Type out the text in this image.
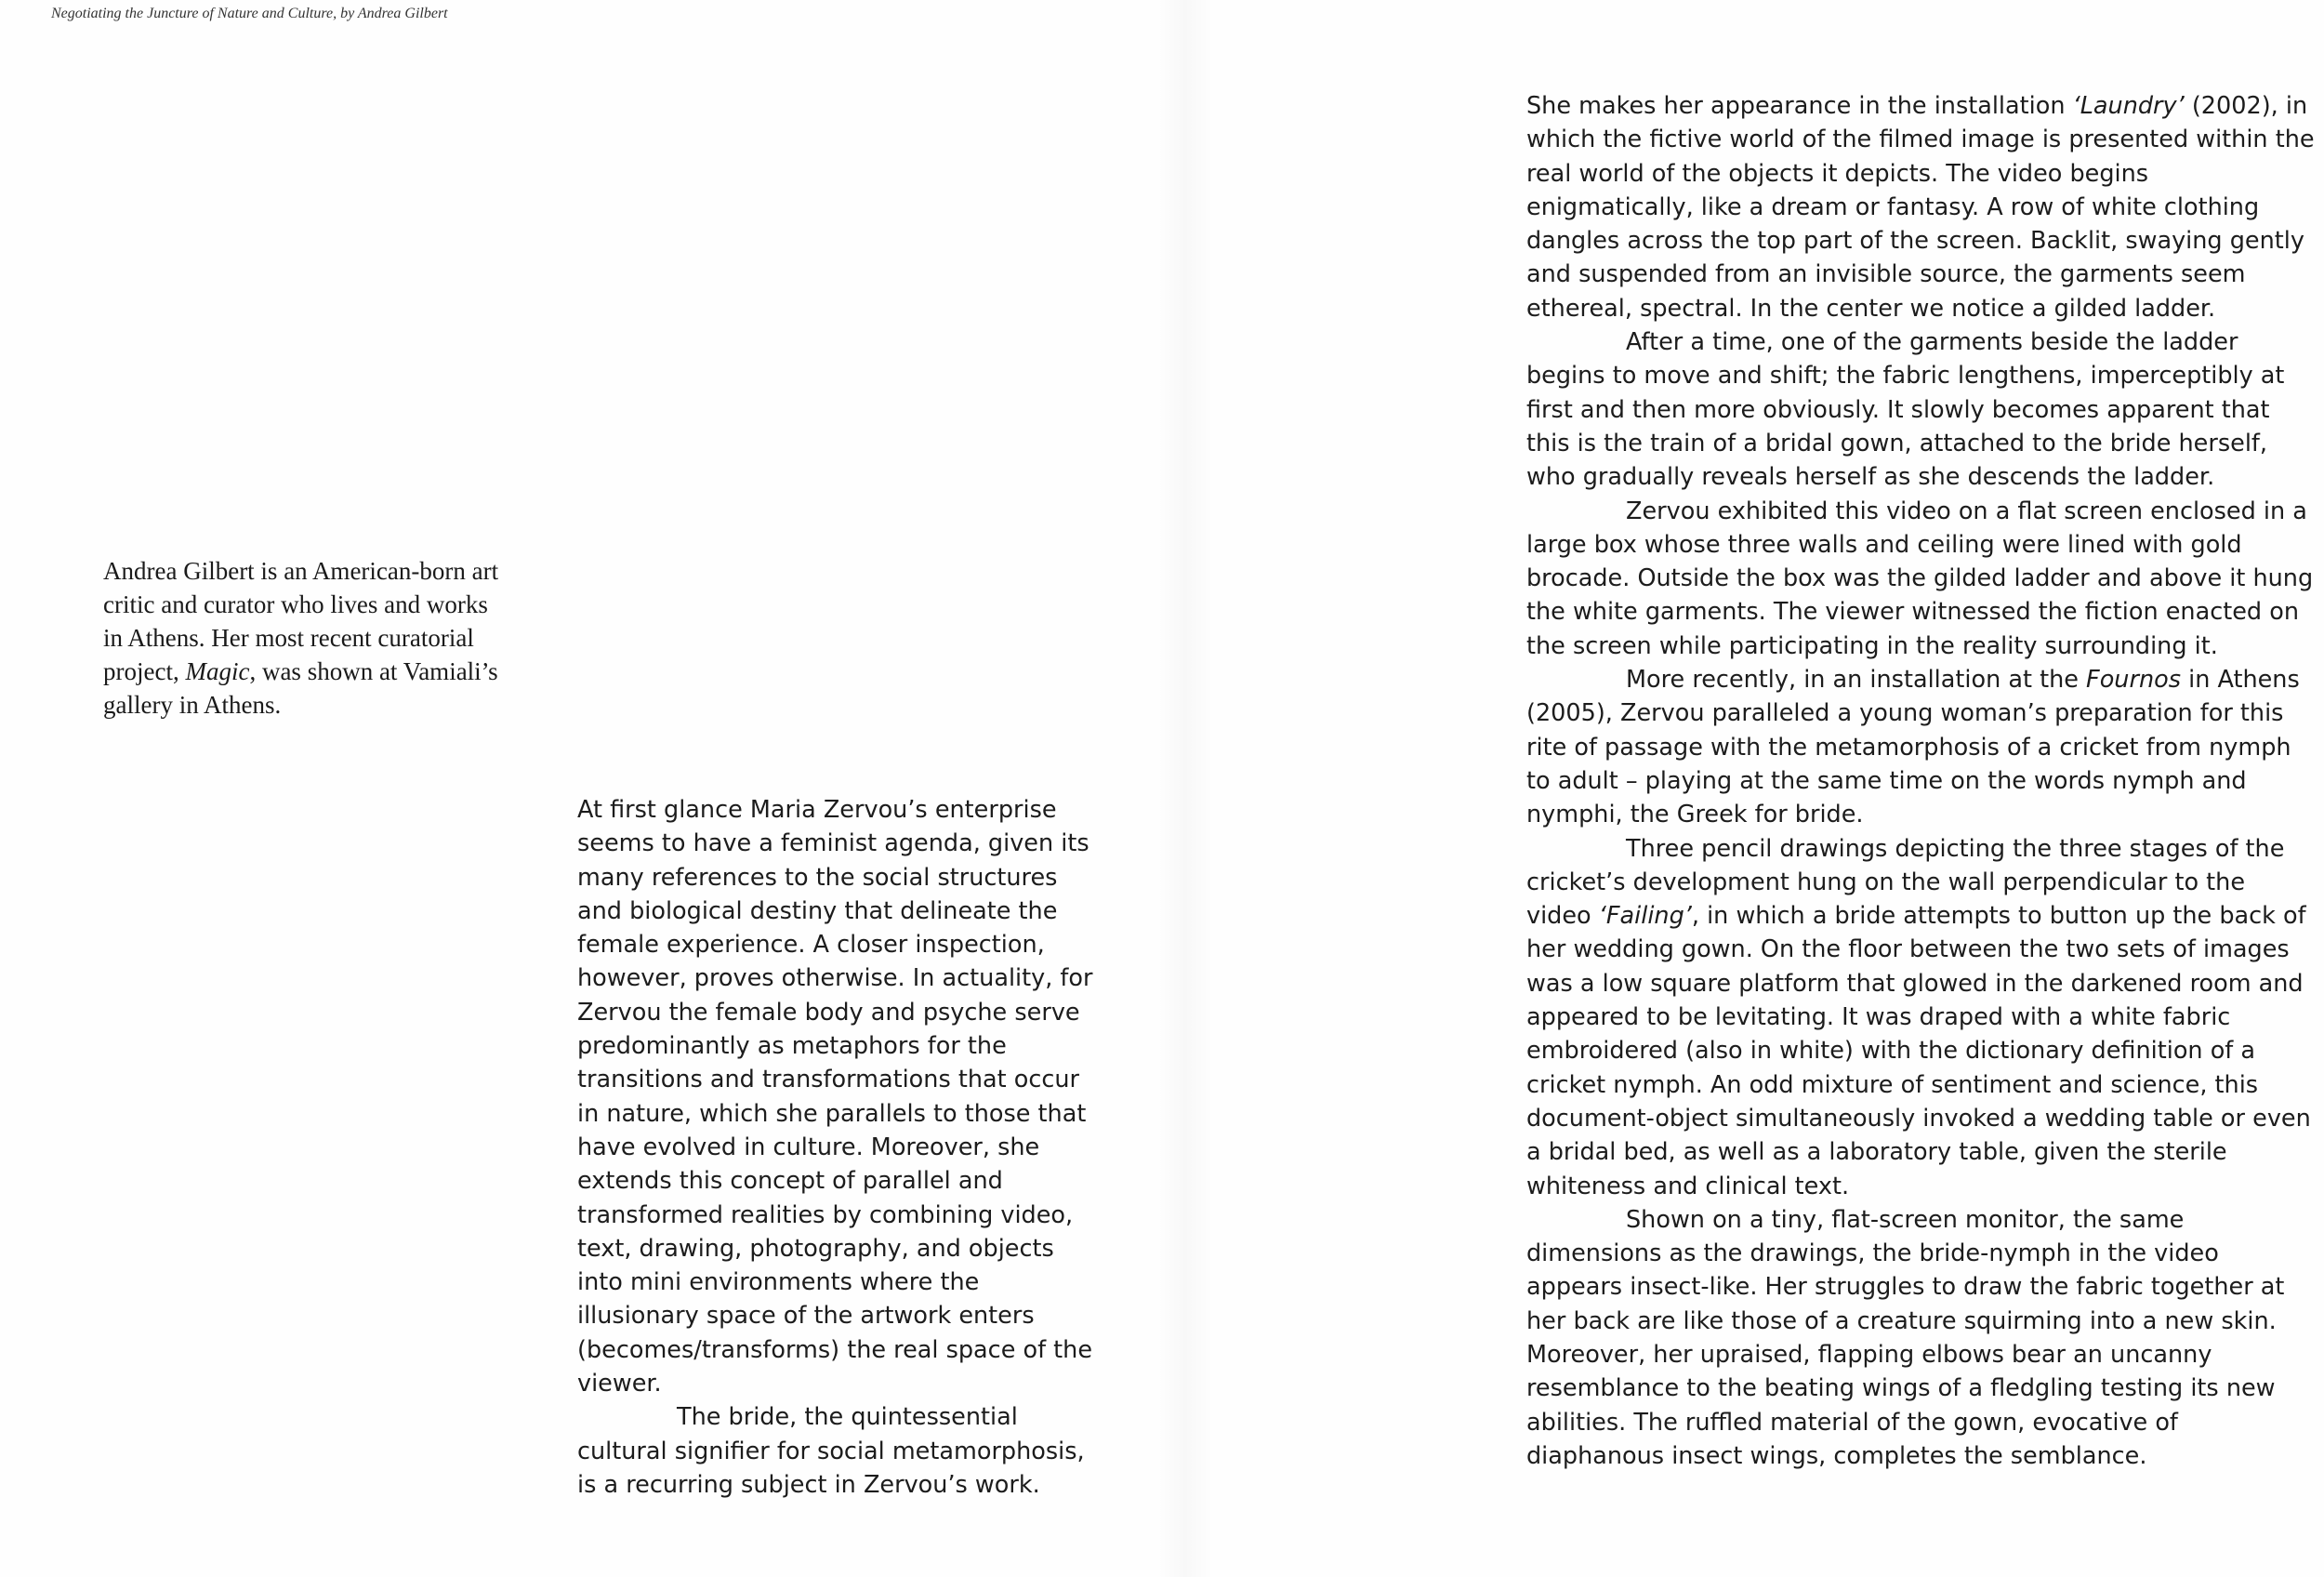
Negotiating the Juncture of Nature and Culture, by Andrea Gilbert

Andrea Gilbert is an American-born art critic and curator who lives and works in Athens. Her most recent curatorial project, Magic, was shown at Vamiali’s gallery in Athens.

At first glance Maria Zervou’s enterprise seems to have a feminist agenda, given its many references to the social structures and biological destiny that delineate the female experience. A closer inspection, however, proves otherwise. In actuality, for Zervou the female body and psyche serve predominantly as metaphors for the transitions and transformations that occur in nature, which she parallels to those that have evolved in culture. Moreover, she extends this concept of parallel and transformed realities by combining video, text, drawing, photography, and objects into mini environments where the illusionary space of the artwork enters (becomes/transforms) the real space of the viewer.

The bride, the quintessential cultural signifier for social metamorphosis, is a recurring subject in Zervou’s work.

She makes her appearance in the installation ‘Laundry’ (2002), in which the fictive world of the filmed image is presented within the real world of the objects it depicts. The video begins enigmatically, like a dream or fantasy. A row of white clothing dangles across the top part of the screen. Backlit, swaying gently and suspended from an invisible source, the garments seem ethereal, spectral. In the center we notice a gilded ladder.

After a time, one of the garments beside the ladder begins to move and shift; the fabric lengthens, imperceptibly at first and then more obviously. It slowly becomes apparent that this is the train of a bridal gown, attached to the bride herself, who gradually reveals herself as she descends the ladder.

Zervou exhibited this video on a flat screen enclosed in a large box whose three walls and ceiling were lined with gold brocade. Outside the box was the gilded ladder and above it hung the white garments. The viewer witnessed the fiction enacted on the screen while participating in the reality surrounding it.

More recently, in an installation at the Fournos in Athens (2005), Zervou paralleled a young woman’s preparation for this rite of passage with the metamorphosis of a cricket from nymph to adult – playing at the same time on the words nymph and nymphi, the Greek for bride.

Three pencil drawings depicting the three stages of the cricket’s development hung on the wall perpendicular to the video ‘Failing’, in which a bride attempts to button up the back of her wedding gown. On the floor between the two sets of images was a low square platform that glowed in the darkened room and appeared to be levitating. It was draped with a white fabric embroidered (also in white) with the dictionary definition of a cricket nymph. An odd mixture of sentiment and science, this document-object simultaneously invoked a wedding table or even a bridal bed, as well as a laboratory table, given the sterile whiteness and clinical text.

Shown on a tiny, flat-screen monitor, the same dimensions as the drawings, the bride-nymph in the video appears insect-like. Her struggles to draw the fabric together at her back are like those of a creature squirming into a new skin. Moreover, her upraised, flapping elbows bear an uncanny resemblance to the beating wings of a fledgling testing its new abilities. The ruffled material of the gown, evocative of diaphanous insect wings, completes the semblance.
